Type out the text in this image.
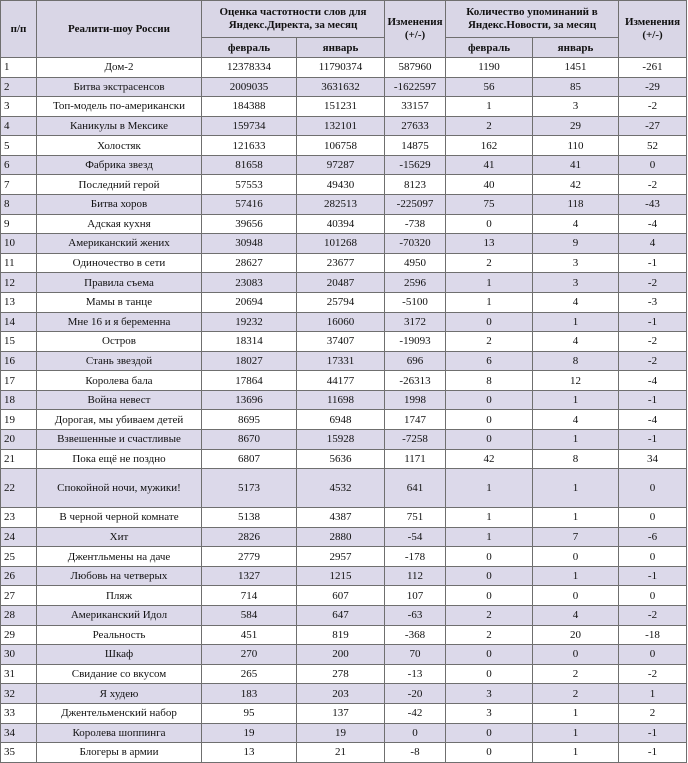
п/п	Реалити-шоу России	Оценка частотности слов для Яндекс.Директа, за месяц		Изменения (+/-)	Количество упоминаний в Яндекс.Новости, за месяц		Изменения (+/-)
		февраль	январь		февраль	январь	
1	Дом-2	12378334	11790374	587960	1190	1451	-261
2	Битва экстрасенсов	2009035	3631632	-1622597	56	85	-29
3	Топ-модель по-американски	184388	151231	33157	1	3	-2
4	Каникулы в Мексике	159734	132101	27633	2	29	-27
5	Холостяк	121633	106758	14875	162	110	52
6	Фабрика звезд	81658	97287	-15629	41	41	0
7	Последний герой	57553	49430	8123	40	42	-2
8	Битва хоров	57416	282513	-225097	75	118	-43
9	Адская кухня	39656	40394	-738	0	4	-4
10	Американский жених	30948	101268	-70320	13	9	4
11	Одиночество в сети	28627	23677	4950	2	3	-1
12	Правила съема	23083	20487	2596	1	3	-2
13	Мамы в танце	20694	25794	-5100	1	4	-3
14	Мне 16 и я беременна	19232	16060	3172	0	1	-1
15	Остров	18314	37407	-19093	2	4	-2
16	Стань звездой	18027	17331	696	6	8	-2
17	Королева бала	17864	44177	-26313	8	12	-4
18	Война невест	13696	11698	1998	0	1	-1
19	Дорогая, мы убиваем детей	8695	6948	1747	0	4	-4
20	Взвешенные и счастливые	8670	15928	-7258	0	1	-1
21	Пока ещё не поздно	6807	5636	1171	42	8	34
22	Спокойной ночи, мужики!	5173	4532	641	1	1	0
23	В черной черной комнате	5138	4387	751	1	1	0
24	Хит	2826	2880	-54	1	7	-6
25	Джентльмены на даче	2779	2957	-178	0	0	0
26	Любовь на четверых	1327	1215	112	0	1	-1
27	Пляж	714	607	107	0	0	0
28	Американский Идол	584	647	-63	2	4	-2
29	Реальность	451	819	-368	2	20	-18
30	Шкаф	270	200	70	0	0	0
31	Свидание со вкусом	265	278	-13	0	2	-2
32	Я худею	183	203	-20	3	2	1
33	Джентельменский набор	95	137	-42	3	1	2
34	Королева шоппинга	19	19	0	0	1	-1
35	Блогеры в армии	13	21	-8	0	1	-1
